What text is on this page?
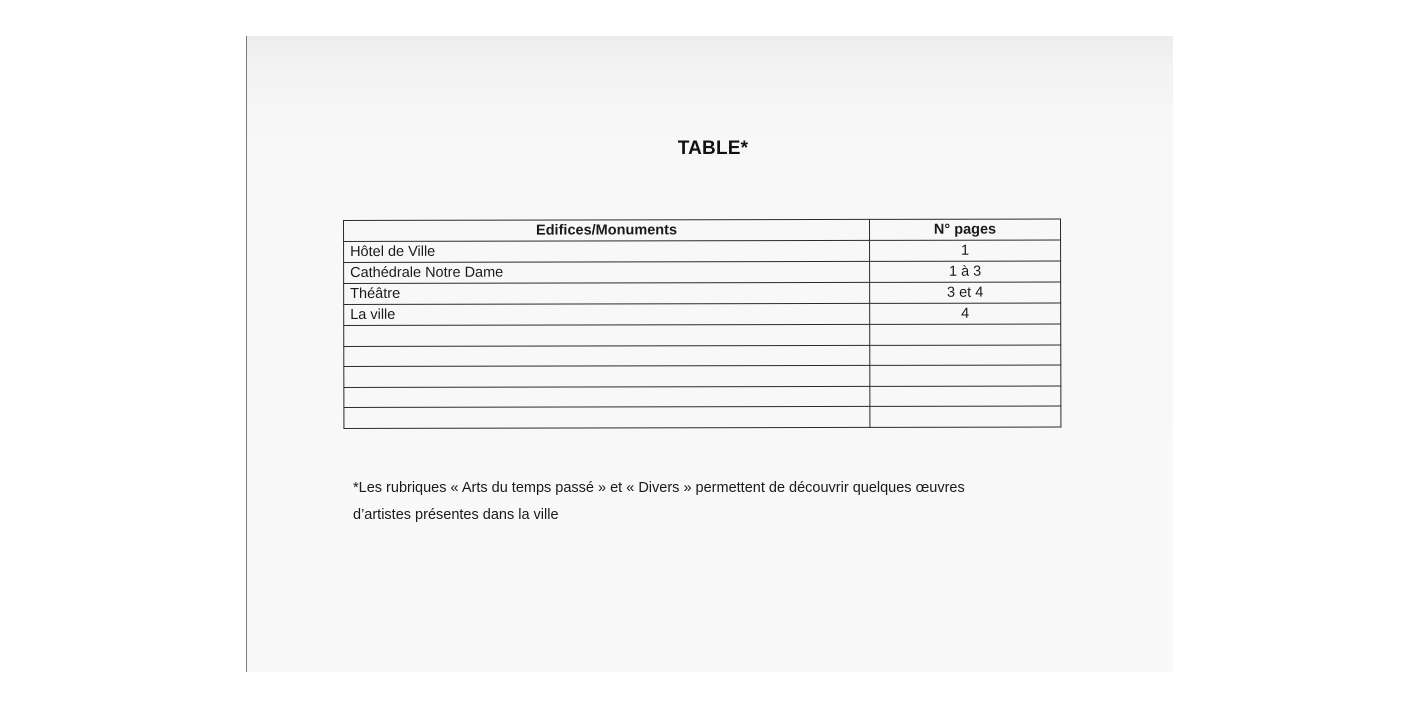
TABLE*
Edifices/Monuments	N° pages
Hôtel de Ville	1
Cathédrale Notre Dame	1 à 3
Théâtre	3 et 4
La ville	4

*Les rubriques « Arts du temps passé » et « Divers » permettent de découvrir quelques œuvres
d’artistes présentes dans la ville
